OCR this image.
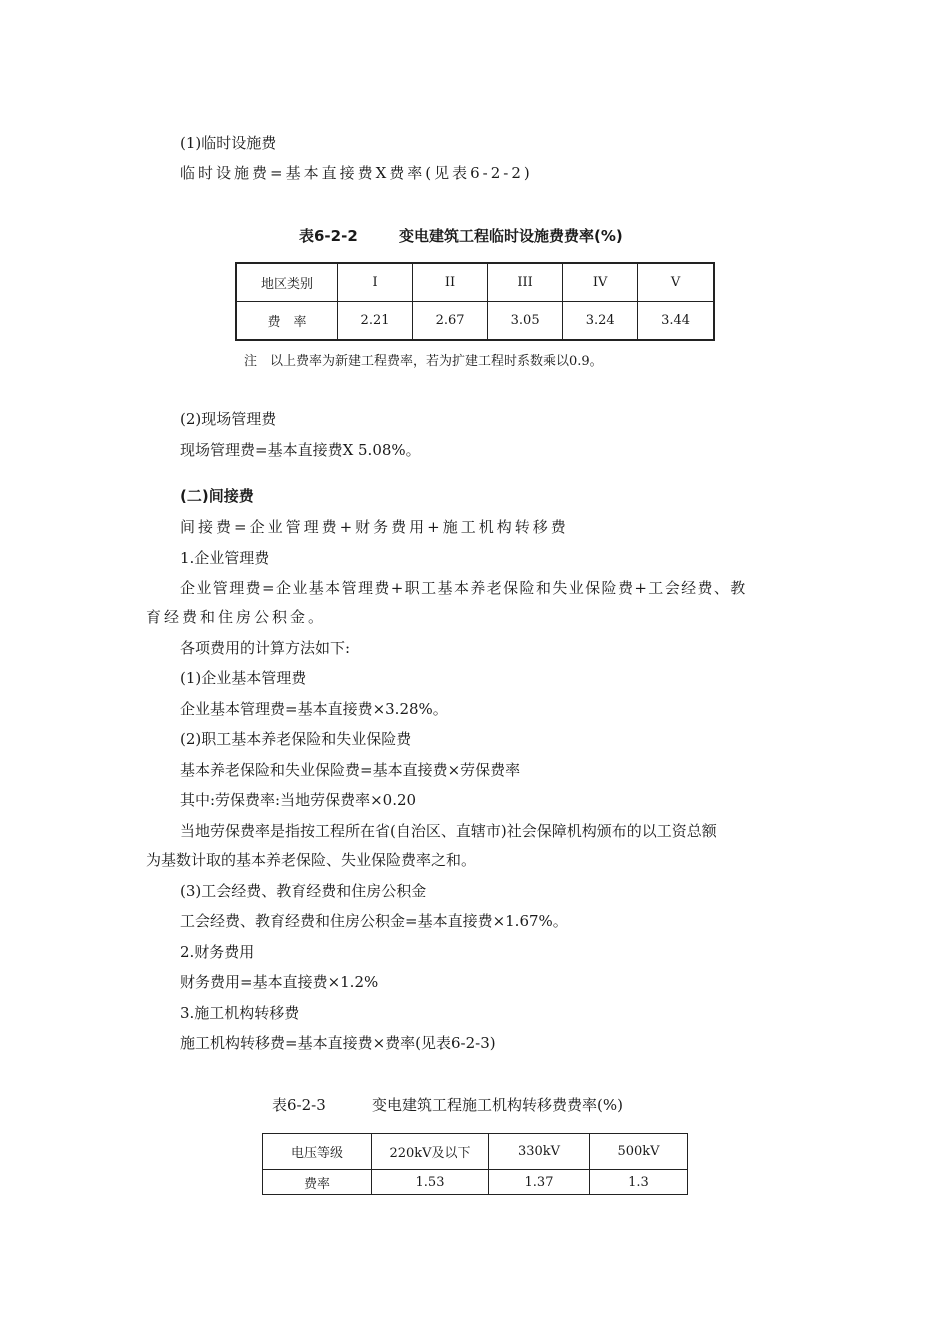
(1)临时设施费
临时设施费=基本直接费X费率(见表6-2-2)
表6-2-2	变电建筑工程临时设施费费率(%)
地区类别	I	II	III	IV	V
费　率	2.21	2.67	3.05	3.24	3.44
注　以上费率为新建工程费率，若为扩建工程时系数乘以0.9。
(2)现场管理费
现场管理费=基本直接费X 5.08%。
(二)间接费
间接费=企业管理费+财务费用+施工机构转移费
1.企业管理费
企业管理费=企业基本管理费+职工基本养老保险和失业保险费+工会经费、教
育经费和住房公积金。
各项费用的计算方法如下:
(1)企业基本管理费
企业基本管理费=基本直接费×3.28%。
(2)职工基本养老保险和失业保险费
基本养老保险和失业保险费=基本直接费×劳保费率
其中:劳保费率:当地劳保费率×0.20
当地劳保费率是指按工程所在省(自治区、直辖市)社会保障机构颁布的以工资总额
为基数计取的基本养老保险、失业保险费率之和。
(3)工会经费、教育经费和住房公积金
工会经费、教育经费和住房公积金=基本直接费×1.67%。
2.财务费用
财务费用=基本直接费×1.2%
3.施工机构转移费
施工机构转移费=基本直接费×费率(见表6-2-3)
表6-2-3	变电建筑工程施工机构转移费费率(%)
电压等级	220kV及以下	330kV	500kV
费率	1.53	1.37	1.3
